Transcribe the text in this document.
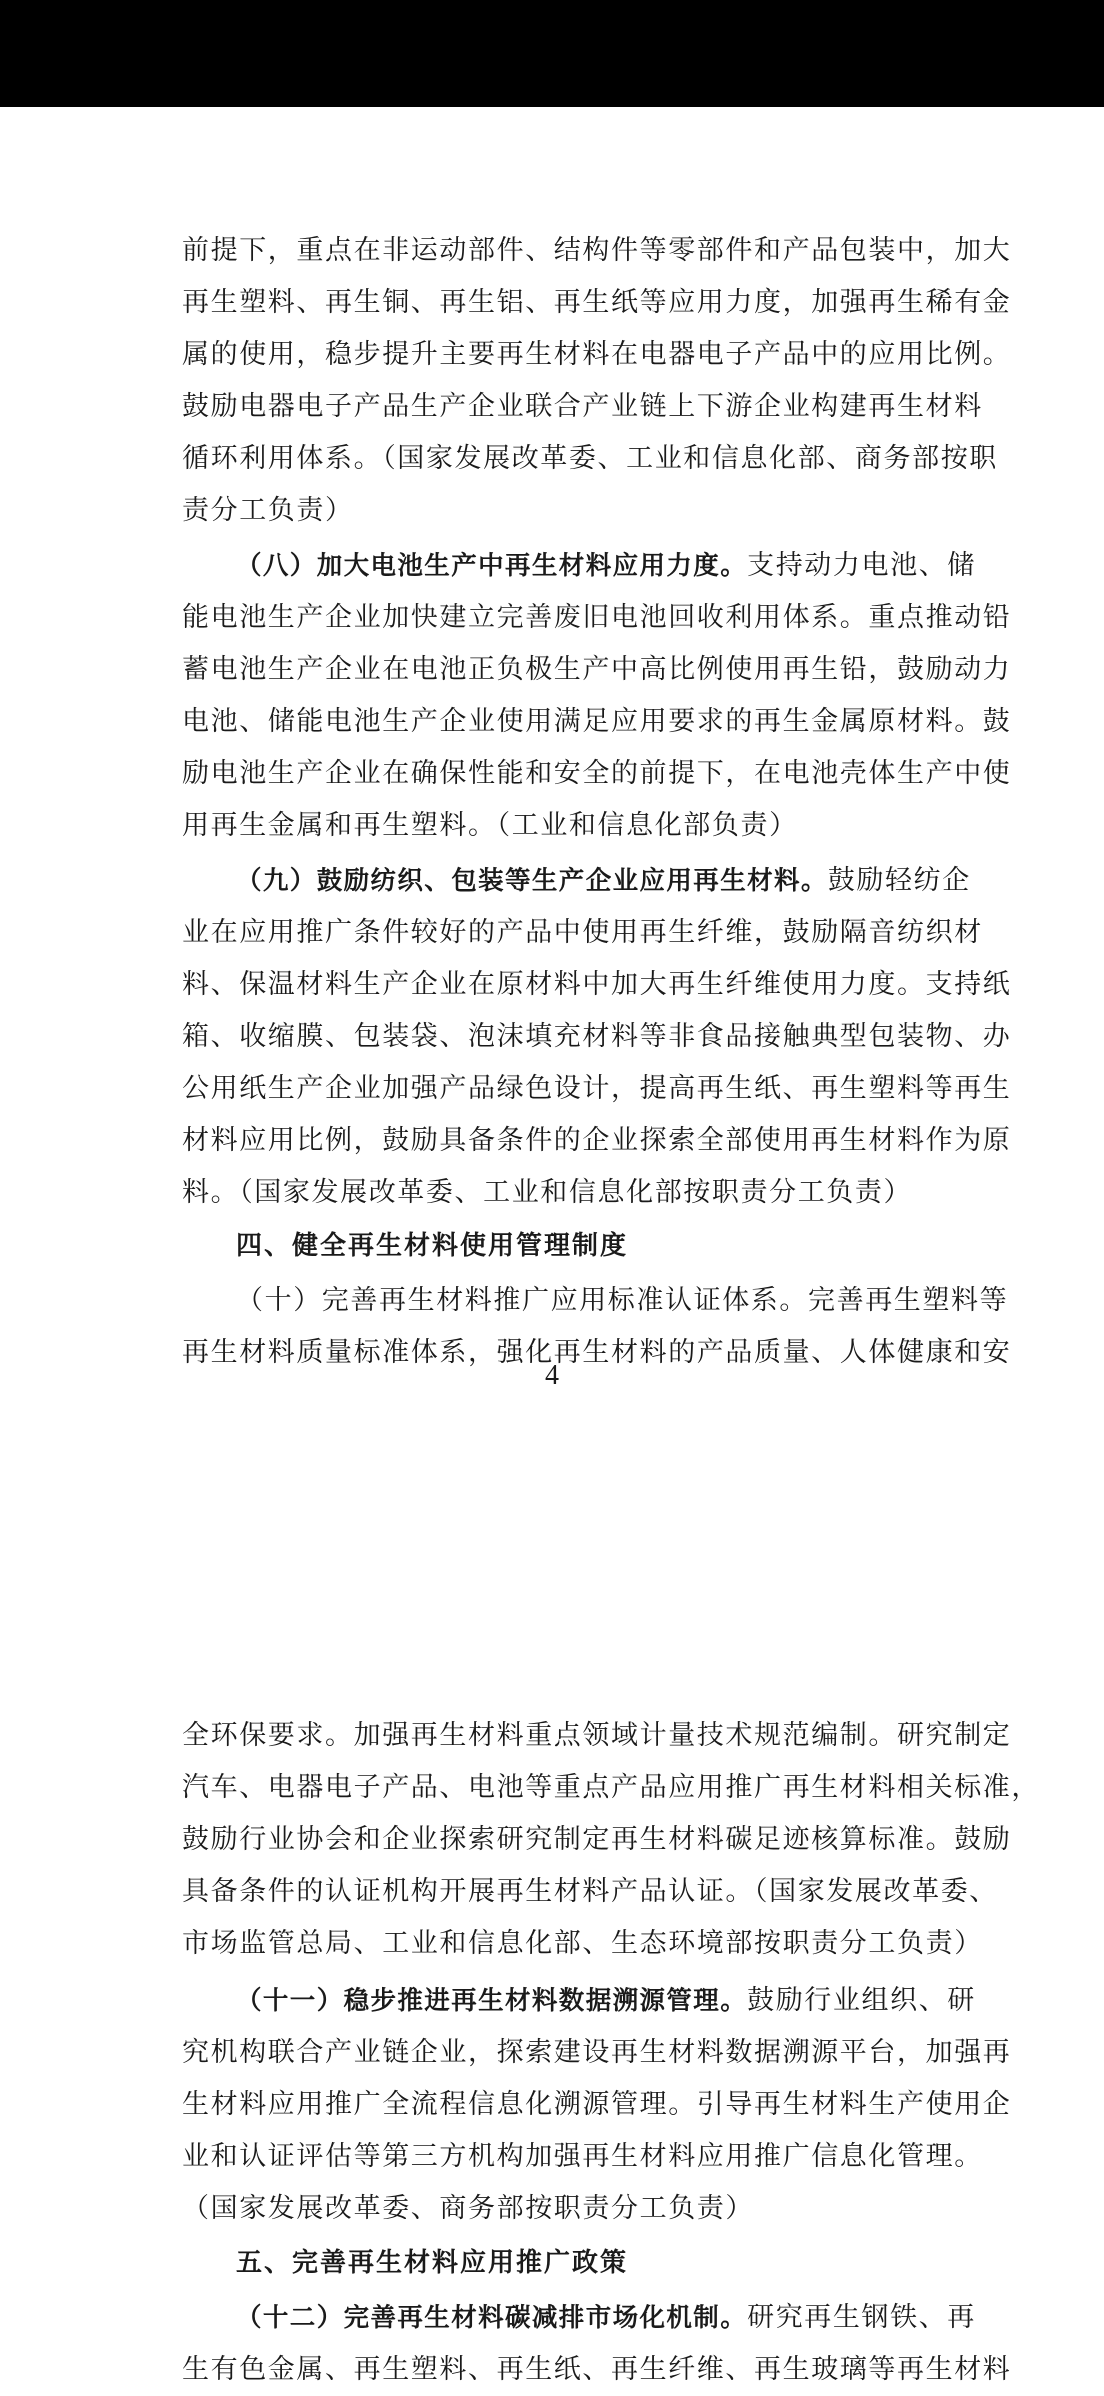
前提下，重点在非运动部件、结构件等零部件和产品包装中，加大
再生塑料、再生铜、再生铝、再生纸等应用力度，加强再生稀有金
属的使用，稳步提升主要再生材料在电器电子产品中的应用比例。
鼓励电器电子产品生产企业联合产业链上下游企业构建再生材料
循环利用体系。（国家发展改革委、工业和信息化部、商务部按职
责分工负责）
（八）加大电池生产中再生材料应用力度。支持动力电池、储
能电池生产企业加快建立完善废旧电池回收利用体系。重点推动铅
蓄电池生产企业在电池正负极生产中高比例使用再生铅，鼓励动力
电池、储能电池生产企业使用满足应用要求的再生金属原材料。鼓
励电池生产企业在确保性能和安全的前提下，在电池壳体生产中使
用再生金属和再生塑料。（工业和信息化部负责）
（九）鼓励纺织、包装等生产企业应用再生材料。鼓励轻纺企
业在应用推广条件较好的产品中使用再生纤维，鼓励隔音纺织材
料、保温材料生产企业在原材料中加大再生纤维使用力度。支持纸
箱、收缩膜、包装袋、泡沫填充材料等非食品接触典型包装物、办
公用纸生产企业加强产品绿色设计，提高再生纸、再生塑料等再生
材料应用比例，鼓励具备条件的企业探索全部使用再生材料作为原
料。（国家发展改革委、工业和信息化部按职责分工负责）
四、健全再生材料使用管理制度
（十）完善再生材料推广应用标准认证体系。完善再生塑料等
再生材料质量标准体系，强化再生材料的产品质量、人体健康和安
4
全环保要求。加强再生材料重点领域计量技术规范编制。研究制定
汽车、电器电子产品、电池等重点产品应用推广再生材料相关标准，
鼓励行业协会和企业探索研究制定再生材料碳足迹核算标准。鼓励
具备条件的认证机构开展再生材料产品认证。（国家发展改革委、
市场监管总局、工业和信息化部、生态环境部按职责分工负责）
（十一）稳步推进再生材料数据溯源管理。鼓励行业组织、研
究机构联合产业链企业，探索建设再生材料数据溯源平台，加强再
生材料应用推广全流程信息化溯源管理。引导再生材料生产使用企
业和认证评估等第三方机构加强再生材料应用推广信息化管理。
（国家发展改革委、商务部按职责分工负责）
五、完善再生材料应用推广政策
（十二）完善再生材料碳减排市场化机制。研究再生钢铁、再
生有色金属、再生塑料、再生纸、再生纤维、再生玻璃等再生材料
